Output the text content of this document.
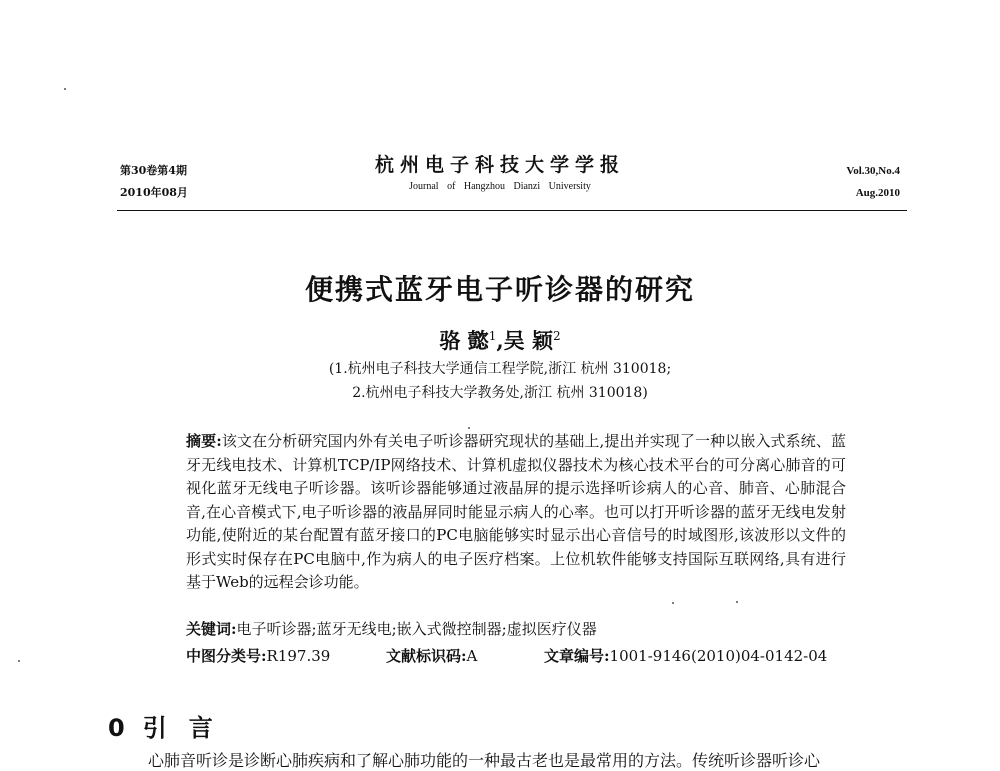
第30卷第4期
2010年08月
杭州电子科技大学学报
Journal of Hangzhou Dianzi University
Vol.30,No.4
Aug.2010
便携式蓝牙电子听诊器的研究
骆 懿$^1$,吴 颖$^2$
(1.杭州电子科技大学通信工程学院,浙江 杭州 310018;
2.杭州电子科技大学教务处,浙江 杭州 310018)
摘要:该文在分析研究国内外有关电子听诊器研究现状的基础上,提出并实现了一种以嵌入式系统、蓝牙无线电技术、计算机TCP/IP网络技术、计算机虚拟仪器技术为核心技术平台的可分离心肺音的可视化蓝牙无线电子听诊器。该听诊器能够通过液晶屏的提示选择听诊病人的心音、肺音、心肺混合音,在心音模式下,电子听诊器的液晶屏同时能显示病人的心率。也可以打开听诊器的蓝牙无线电发射功能,使附近的某台配置有蓝牙接口的PC电脑能够实时显示出心音信号的时域图形,该波形以文件的形式实时保存在PC电脑中,作为病人的电子医疗档案。上位机软件能够支持国际互联网络,具有进行基于Web的远程会诊功能。
关键词:电子听诊器;蓝牙无线电;嵌入式微控制器;虚拟医疗仪器
中图分类号:R197.39	文献标识码:A	文章编号:1001-9146(2010)04-0142-04
0 引言
心肺音听诊是诊断心肺疾病和了解心肺功能的一种最古老也是最常用的方法。传统听诊器听诊心
